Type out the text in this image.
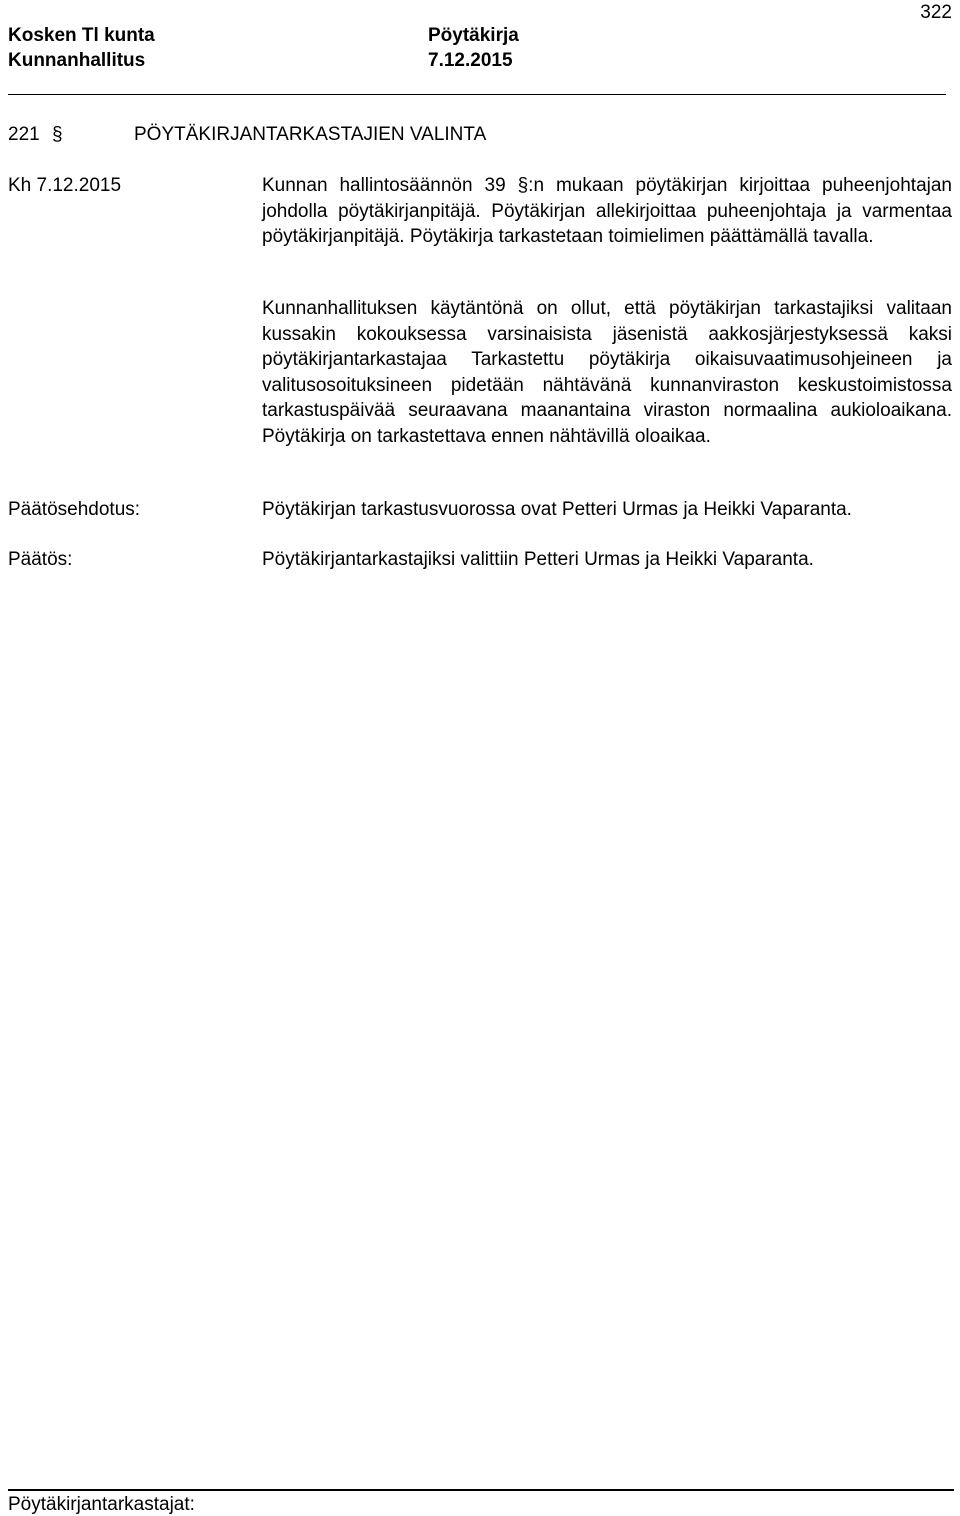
322
Kosken Tl kunta	Pöytäkirja
Kunnanhallitus	7.12.2015
221 §	PÖYTÄKIRJANTARKASTAJIEN VALINTA
Kh 7.12.2015	Kunnan hallintosäännön 39 §:n mukaan pöytäkirjan kirjoittaa puheenjohtajan johdolla pöytäkirjanpitäjä. Pöytäkirjan allekirjoittaa puheenjohtaja ja varmentaa pöytäkirjanpitäjä. Pöytäkirja tarkastetaan toimielimen päättämällä tavalla.
Kunnanhallituksen käytäntönä on ollut, että pöytäkirjan tarkastajiksi valitaan kussakin kokouksessa varsinaisista jäsenistä aakkosjärjestyksessä kaksi pöytäkirjantarkastajaa Tarkastettu pöytäkirja oikaisuvaatimusohjeineen ja valitusosoituksineen pidetään nähtävänä kunnanviraston keskustoimistossa tarkastuspäivää seuraavana maanantaina viraston normaalina aukioloaikana. Pöytäkirja on tarkastettava ennen nähtävillä oloaikaa.
Päätösehdotus:	Pöytäkirjan tarkastusvuorossa ovat Petteri Urmas ja Heikki Vaparanta.
Päätös:	Pöytäkirjantarkastajiksi valittiin Petteri Urmas ja Heikki Vaparanta.
Pöytäkirjantarkastajat:
